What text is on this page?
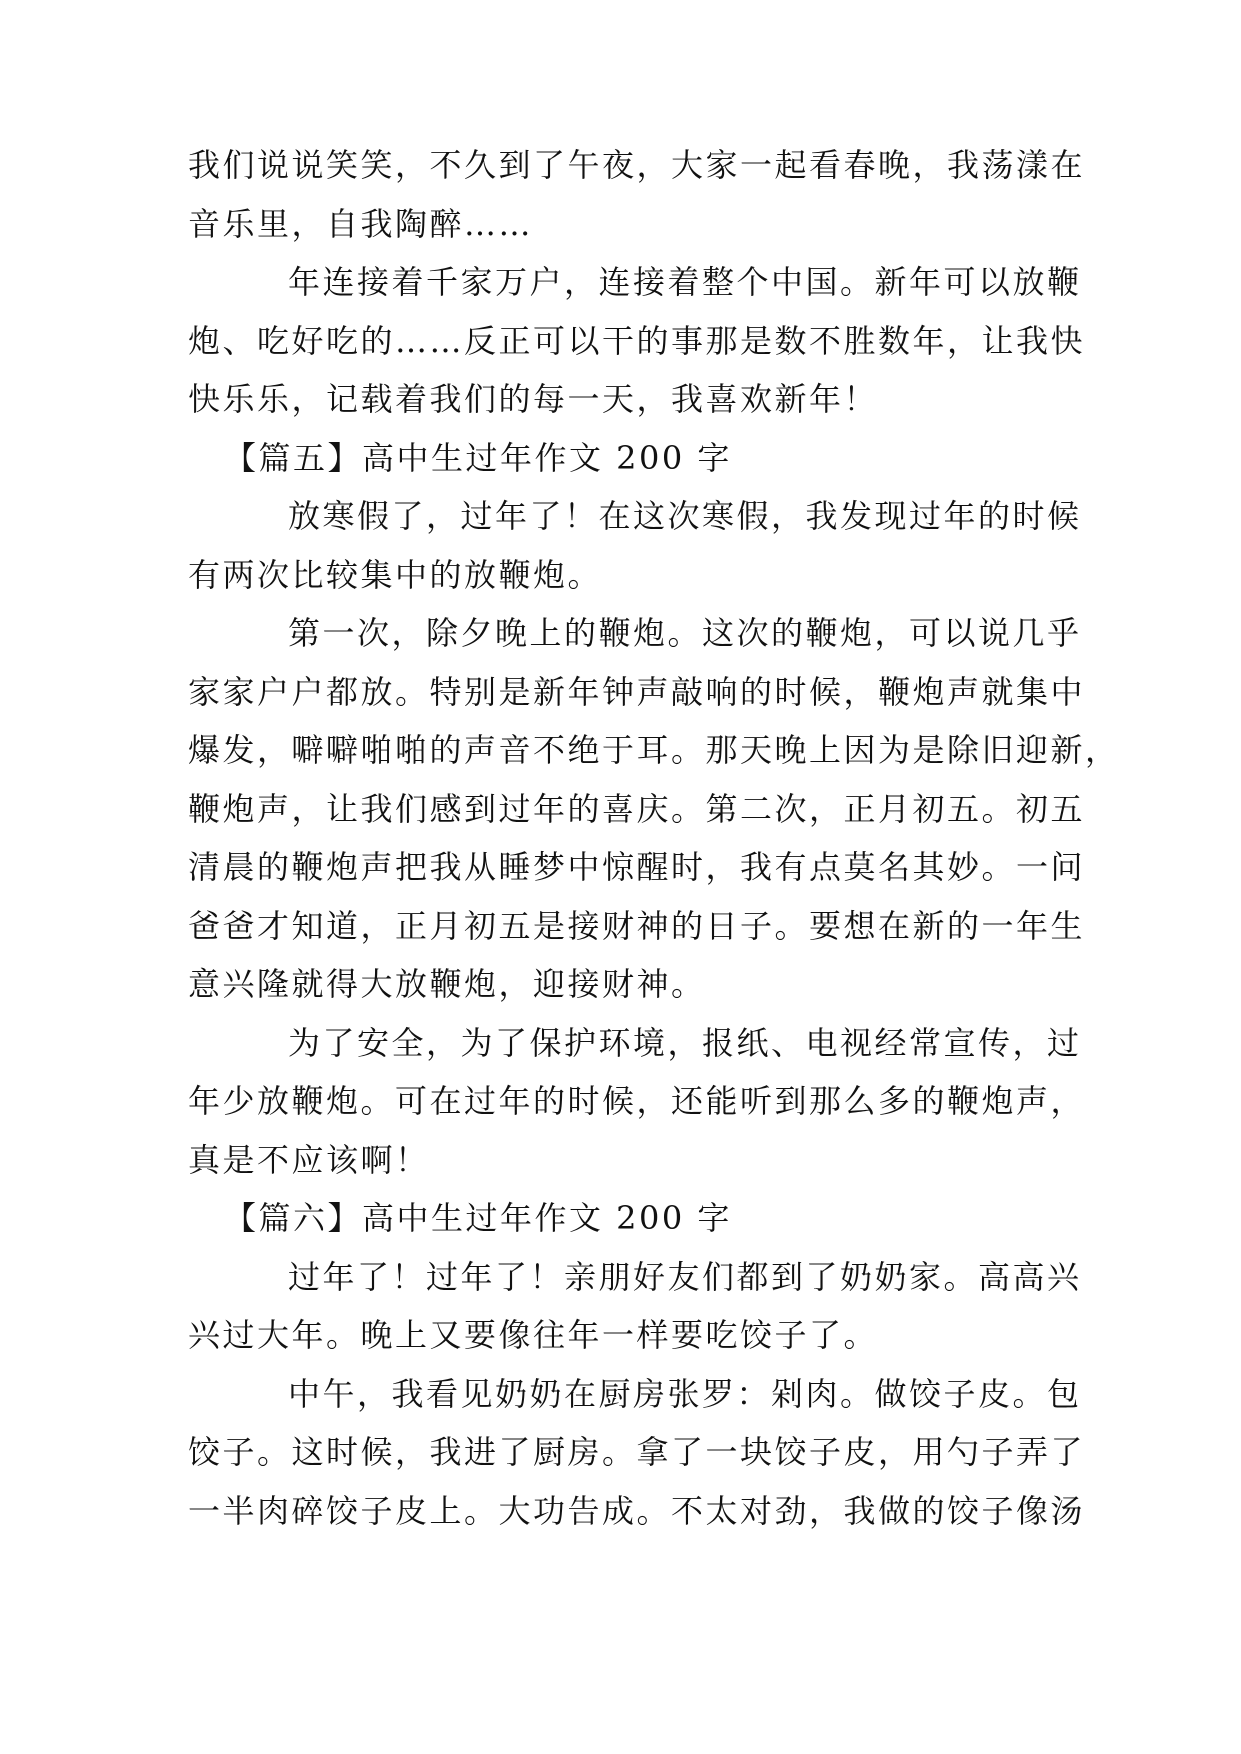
我们说说笑笑，不久到了午夜，大家一起看春晚，我荡漾在
音乐里，自我陶醉……
年连接着千家万户，连接着整个中国。新年可以放鞭
炮、吃好吃的……反正可以干的事那是数不胜数年，让我快
快乐乐，记载着我们的每一天，我喜欢新年！
【篇五】高中生过年作文 200 字
放寒假了，过年了！在这次寒假，我发现过年的时候
有两次比较集中的放鞭炮。
第一次，除夕晚上的鞭炮。这次的鞭炮，可以说几乎
家家户户都放。特别是新年钟声敲响的时候，鞭炮声就集中
爆发，噼噼啪啪的声音不绝于耳。那天晚上因为是除旧迎新，
鞭炮声，让我们感到过年的喜庆。第二次，正月初五。初五
清晨的鞭炮声把我从睡梦中惊醒时，我有点莫名其妙。一问
爸爸才知道，正月初五是接财神的日子。要想在新的一年生
意兴隆就得大放鞭炮，迎接财神。
为了安全，为了保护环境，报纸、电视经常宣传，过
年少放鞭炮。可在过年的时候，还能听到那么多的鞭炮声，
真是不应该啊！
【篇六】高中生过年作文 200 字
过年了！过年了！亲朋好友们都到了奶奶家。高高兴
兴过大年。晚上又要像往年一样要吃饺子了。
中午，我看见奶奶在厨房张罗：剁肉。做饺子皮。包
饺子。这时候，我进了厨房。拿了一块饺子皮，用勺子弄了
一半肉碎饺子皮上。大功告成。不太对劲，我做的饺子像汤
